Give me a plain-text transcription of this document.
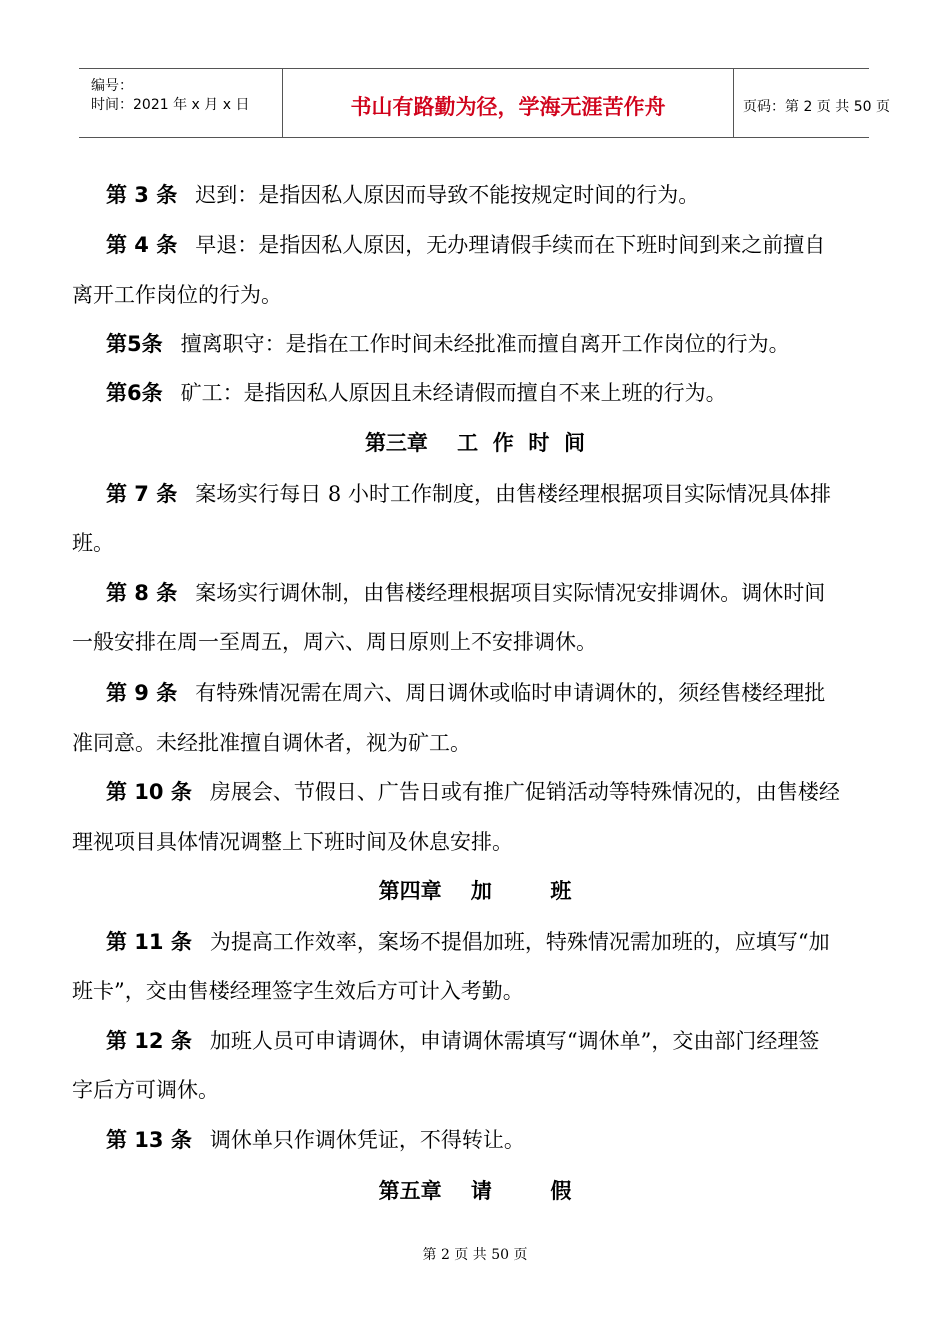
编号：
时间：2021 年 x 月 x 日	书山有路勤为径，学海无涯苦作舟	页码：第 2 页 共 50 页
第 3 条 迟到：是指因私人原因而导致不能按规定时间的行为。
第 4 条 早退：是指因私人原因，无办理请假手续而在下班时间到来之前擅自
离开工作岗位的行为。
第5条 擅离职守：是指在工作时间未经批准而擅自离开工作岗位的行为。
第6条 矿工：是指因私人原因且未经请假而擅自不来上班的行为。
第三章    工  作  时  间
第 7 条 案场实行每日 8 小时工作制度，由售楼经理根据项目实际情况具体排
班。
第 8 条 案场实行调休制，由售楼经理根据项目实际情况安排调休。调休时间
一般安排在周一至周五，周六、周日原则上不安排调休。
第 9 条 有特殊情况需在周六、周日调休或临时申请调休的，须经售楼经理批
准同意。未经批准擅自调休者，视为矿工。
第 10 条 房展会、节假日、广告日或有推广促销活动等特殊情况的，由售楼经
理视项目具体情况调整上下班时间及休息安排。
第四章    加        班
第 11 条 为提高工作效率，案场不提倡加班，特殊情况需加班的，应填写“加
班卡”，交由售楼经理签字生效后方可计入考勤。
第 12 条 加班人员可申请调休，申请调休需填写“调休单”，交由部门经理签
字后方可调休。
第 13 条 调休单只作调休凭证，不得转让。
第五章    请        假
第 2 页 共 50 页
